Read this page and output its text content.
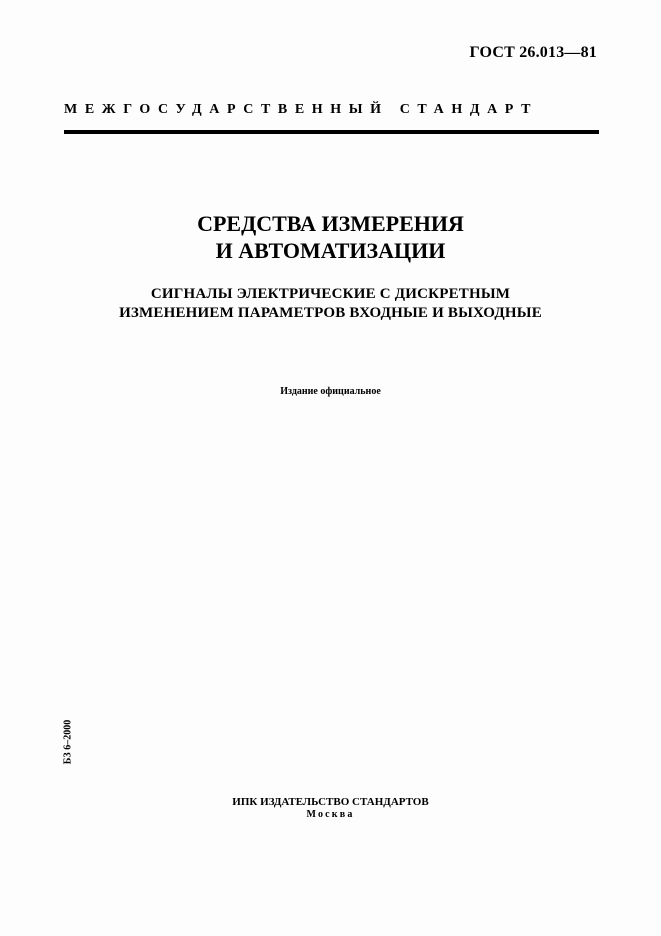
ГОСТ 26.013—81
МЕЖГОСУДАРСТВЕННЫЙ СТАНДАРТ
СРЕДСТВА ИЗМЕРЕНИЯ
И АВТОМАТИЗАЦИИ
СИГНАЛЫ ЭЛЕКТРИЧЕСКИЕ С ДИСКРЕТНЫМ
ИЗМЕНЕНИЕМ ПАРАМЕТРОВ ВХОДНЫЕ И ВЫХОДНЫЕ
Издание официальное
БЗ 6–2000
ИПК ИЗДАТЕЛЬСТВО СТАНДАРТОВ
Москва
